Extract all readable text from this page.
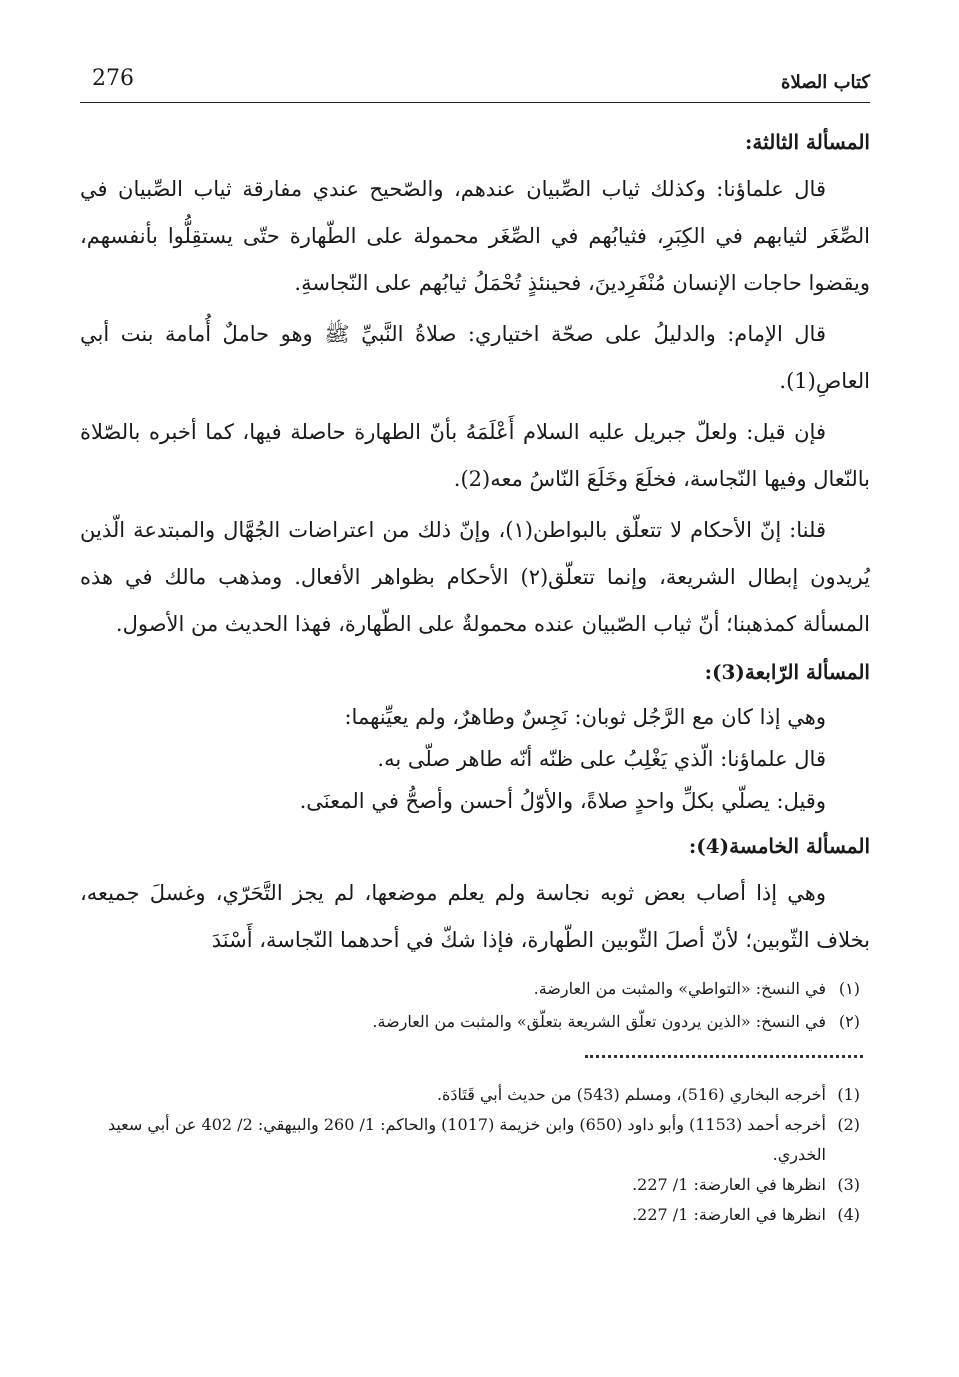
276	كتاب الصلاة
المسألة الثالثة:

قال علماؤنا: وكذلك ثياب الصِّبيان عندهم، والصّحيح عندي مفارقة ثياب الصِّبيان في الصِّغَر لثيابهم في الكِبَرِ، فثيابُهم في الصِّغَر محمولة على الطّهارة حتّى يستقِلُّوا بأنفسهم، ويقضوا حاجات الإنسان مُنْفَرِدينَ، فحينئذٍ تُحْمَلُ ثيابُهم على النّجاسةِ.

قال الإمام: والدليلُ على صحّة اختياري: صلاةُ النَّبيِّ ﷺ وهو حاملٌ أُمامة بنت أبي العاصِ(1).

فإن قيل: ولعلّ جبريل عليه السلام أَعْلَمَهُ بأنّ الطهارة حاصلة فيها، كما أخبره بالصّلاة بالنّعال وفيها النّجاسة، فخلَعَ وخَلَعَ النّاسُ معه(2).

قلنا: إنّ الأحكام لا تتعلّق بالبواطن(١)، وإنّ ذلك من اعتراضات الجُهَّال والمبتدعة الّذين يُريدون إبطال الشريعة، وإنما تتعلّق(٢) الأحكام بظواهر الأفعال. ومذهب مالك في هذه المسألة كمذهبنا؛ أنّ ثياب الصّبيان عنده محمولةٌ على الطّهارة، فهذا الحديث من الأصول.

المسألة الرّابعة(3):

وهي إذا كان مع الرَّجُل ثوبان: نَجِسٌ وطاهرٌ، ولم يعيِّنهما:

قال علماؤنا: الّذي يَغْلِبُ على ظنّه أنّه طاهر صلّى به.

وقيل: يصلّي بكلِّ واحدٍ صلاةً، والأوّلُ أحسن وأصحُّ في المعنَى.

المسألة الخامسة(4):

وهي إذا أصاب بعض ثوبه نجاسة ولم يعلم موضعها، لم يجز التَّحَرّي، وغسلَ جميعه، بخلاف الثّوبين؛ لأنّ أصلَ الثّوبين الطّهارة، فإذا شكّ في أحدهما النّجاسة، أَسْنَدَ

(١)
في النسخ: «التواطي» والمثبت من العارضة.
(٢)
في النسخ: «الذين يردون تعلّق الشريعة بتعلّق» والمثبت من العارضة.
(1)
أخرجه البخاري (516)، ومسلم (543) من حديث أبي قَتَادَة.
(2)
أخرجه أحمد (1153) وأبو داود (650) وابن خزيمة (1017) والحاكم: 1/ 260 والبيهقي: 2/ 402 عن أبي سعيد الخدري.
(3)
انظرها في العارضة: 1/ 227.
(4)
انظرها في العارضة: 1/ 227.
